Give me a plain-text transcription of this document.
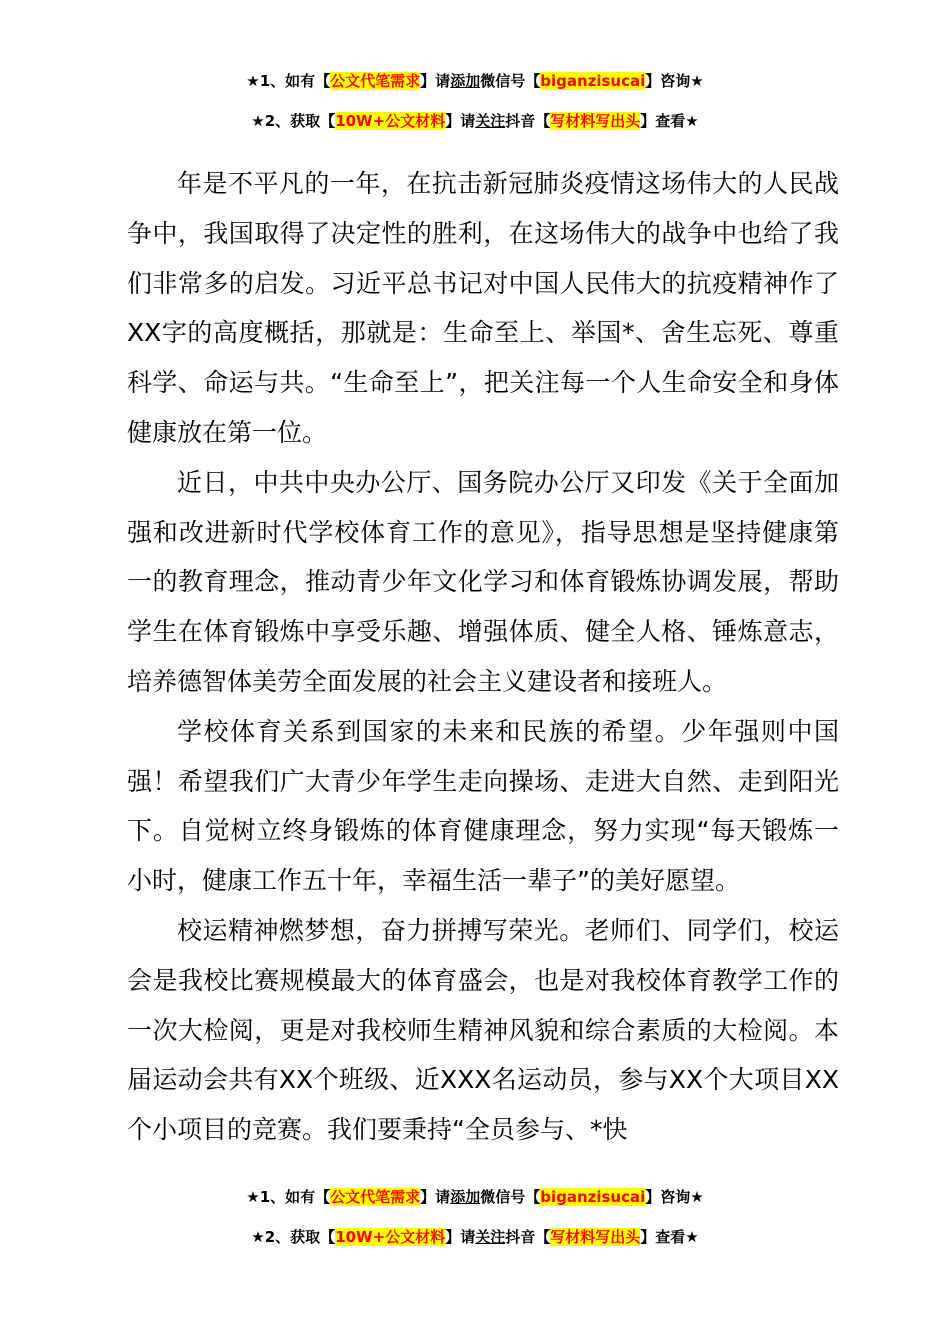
★1、如有【公文代笔需求】请添加微信号【biganzisucai】咨询★
★2、获取【10W+公文材料】请关注抖音【写材料写出头】查看★

年是不平凡的一年，在抗击新冠肺炎疫情这场伟大的人民战争中，我国取得了决定性的胜利，在这场伟大的战争中也给了我们非常多的启发。习近平总书记对中国人民伟大的抗疫精神作了XX字的高度概括，那就是：生命至上、举国*、舍生忘死、尊重科学、命运与共。“生命至上”，把关注每一个人生命安全和身体健康放在第一位。

近日，中共中央办公厅、国务院办公厅又印发《关于全面加强和改进新时代学校体育工作的意见》，指导思想是坚持健康第一的教育理念，推动青少年文化学习和体育锻炼协调发展，帮助学生在体育锻炼中享受乐趣、增强体质、健全人格、锤炼意志，培养德智体美劳全面发展的社会主义建设者和接班人。

学校体育关系到国家的未来和民族的希望。少年强则中国强！希望我们广大青少年学生走向操场、走进大自然、走到阳光下。自觉树立终身锻炼的体育健康理念，努力实现“每天锻炼一小时，健康工作五十年，幸福生活一辈子”的美好愿望。

校运精神燃梦想，奋力拼搏写荣光。老师们、同学们，校运会是我校比赛规模最大的体育盛会，也是对我校体育教学工作的一次大检阅，更是对我校师生精神风貌和综合素质的大检阅。本届运动会共有XX个班级、近XXX名运动员，参与XX个大项目XX个小项目的竞赛。我们要秉持“全员参与、*快

★1、如有【公文代笔需求】请添加微信号【biganzisucai】咨询★
★2、获取【10W+公文材料】请关注抖音【写材料写出头】查看★
